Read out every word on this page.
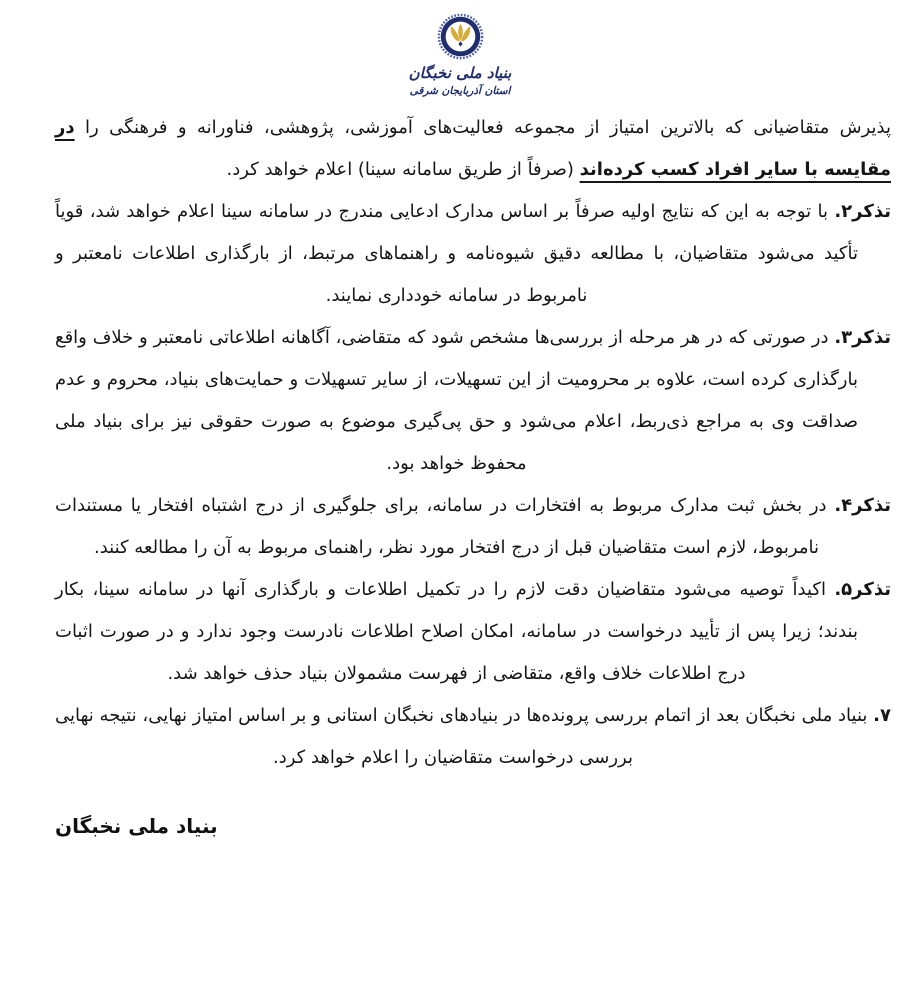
بنیاد ملی نخبگان
استان آذربایجان شرقی

پذیرش متقاضیانی که بالاترین امتیاز از مجموعه فعالیت‌های آموزشی، پژوهشی، فناورانه و فرهنگی را در مقایسه با سایر افراد کسب کرده‌اند (صرفاً از طریق سامانه سینا) اعلام خواهد کرد.

تذکر۲. با توجه به این که نتایج اولیه صرفاً بر اساس مدارک ادعایی مندرج در سامانه سینا اعلام خواهد شد، قویاً تأکید می‌شود متقاضیان، با مطالعه دقیق شیوه‌نامه و راهنماهای مرتبط، از بارگذاری اطلاعات نامعتبر و نامربوط در سامانه خودداری نمایند.

تذکر۳. در صورتی که در هر مرحله از بررسی‌ها مشخص شود که متقاضی، آگاهانه اطلاعاتی نامعتبر و خلاف واقع بارگذاری کرده است، علاوه بر محرومیت از این تسهیلات، از سایر تسهیلات و حمایت‌های بنیاد، محروم و عدم صداقت وی به مراجع ذی‌ربط، اعلام می‌شود و حق پی‌گیری موضوع به صورت حقوقی نیز برای بنیاد ملی محفوظ خواهد بود.

تذکر۴. در بخش ثبت مدارک مربوط به افتخارات در سامانه، برای جلوگیری از درج اشتباه افتخار یا مستندات نامربوط، لازم است متقاضیان قبل از درج افتخار مورد نظر، راهنمای مربوط به آن را مطالعه کنند.

تذکر۵. اکیداً توصیه می‌شود متقاضیان دقت لازم را در تکمیل اطلاعات و بارگذاری آنها در سامانه سینا، بکار بندند؛ زیرا پس از تأیید درخواست در سامانه، امکان اصلاح اطلاعات نادرست وجود ندارد و در صورت اثبات درج اطلاعات خلاف واقع، متقاضی از فهرست مشمولان بنیاد حذف خواهد شد.

۷. بنیاد ملی نخبگان بعد از اتمام بررسی پرونده‌ها در بنیادهای نخبگان استانی و بر اساس امتیاز نهایی، نتیجه نهایی بررسی درخواست متقاضیان را اعلام خواهد کرد.

بنیاد ملی نخبگان
